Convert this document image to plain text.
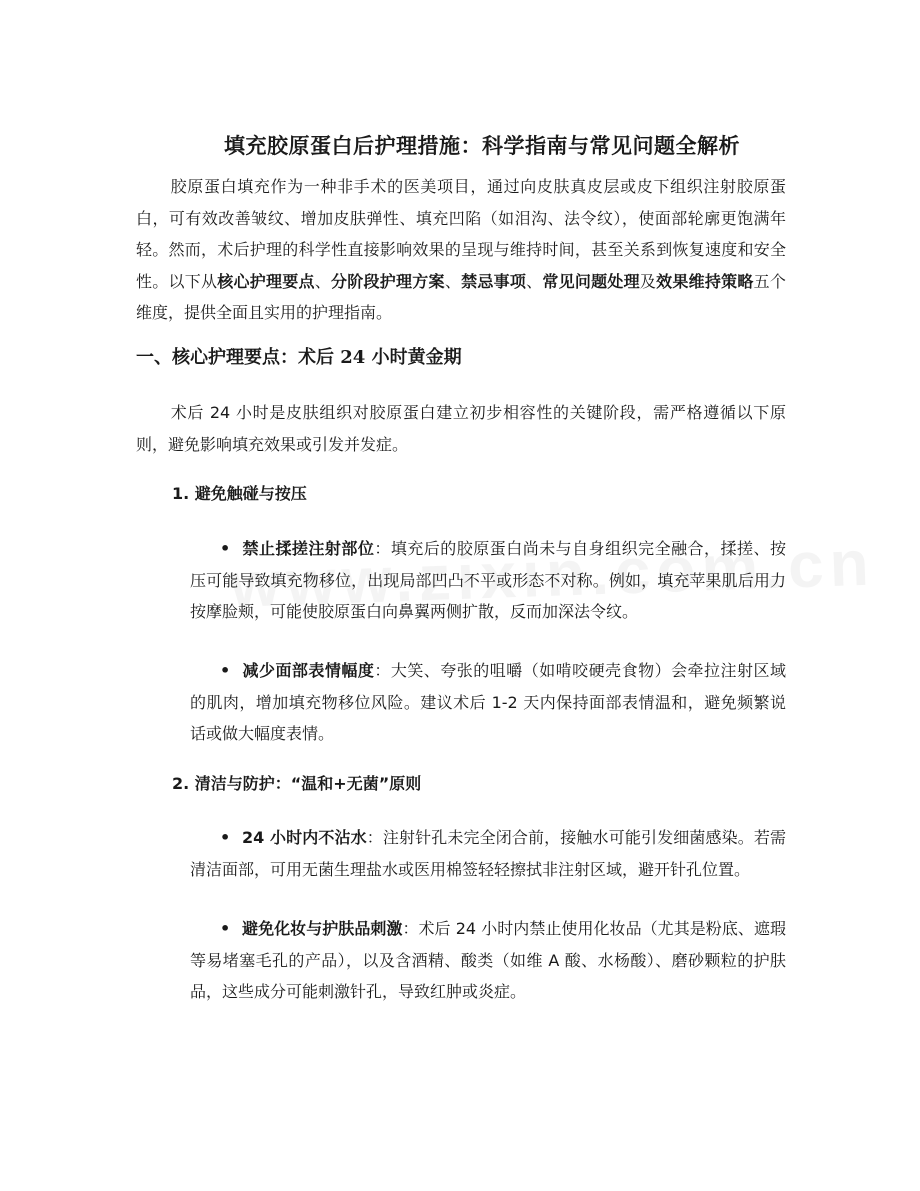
填充胶原蛋白后护理措施：科学指南与常见问题全解析

胶原蛋白填充作为一种非手术的医美项目，通过向皮肤真皮层或皮下组织注射胶原蛋白，可有效改善皱纹、增加皮肤弹性、填充凹陷（如泪沟、法令纹），使面部轮廓更饱满年轻。然而，术后护理的科学性直接影响效果的呈现与维持时间，甚至关系到恢复速度和安全性。以下从核心护理要点、分阶段护理方案、禁忌事项、常见问题处理及效果维持策略五个维度，提供全面且实用的护理指南。

一、核心护理要点：术后 24 小时黄金期

术后 24 小时是皮肤组织对胶原蛋白建立初步相容性的关键阶段，需严格遵循以下原则，避免影响填充效果或引发并发症。

1. 避免触碰与按压

• 禁止揉搓注射部位：填充后的胶原蛋白尚未与自身组织完全融合，揉搓、按压可能导致填充物移位，出现局部凹凸不平或形态不对称。例如，填充苹果肌后用力按摩脸颊，可能使胶原蛋白向鼻翼两侧扩散，反而加深法令纹。

• 减少面部表情幅度：大笑、夸张的咀嚼（如啃咬硬壳食物）会牵拉注射区域的肌肉，增加填充物移位风险。建议术后 1-2 天内保持面部表情温和，避免频繁说话或做大幅度表情。

2. 清洁与防护：“温和+无菌”原则

• 24 小时内不沾水：注射针孔未完全闭合前，接触水可能引发细菌感染。若需清洁面部，可用无菌生理盐水或医用棉签轻轻擦拭非注射区域，避开针孔位置。

• 避免化妆与护肤品刺激：术后 24 小时内禁止使用化妆品（尤其是粉底、遮瑕等易堵塞毛孔的产品），以及含酒精、酸类（如维 A 酸、水杨酸）、磨砂颗粒的护肤品，这些成分可能刺激针孔，导致红肿或炎症。
